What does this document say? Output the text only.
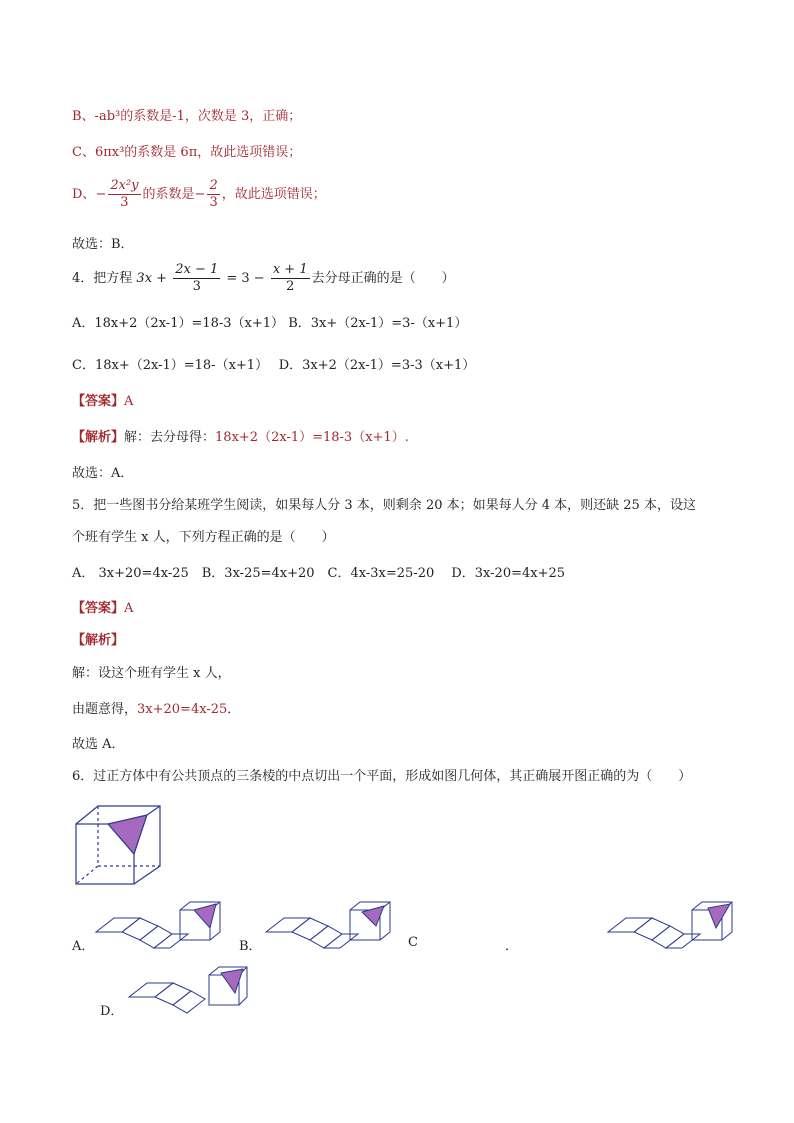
B、-ab³的系数是-1，次数是 3，正确；
C、6πx³的系数是 6π，故此选项错误；
D、− $\frac{\text{2x²y}}{3}$ 的系数是− $\frac{2}{3}$ ，故此选项错误；
故选：B．
4．把方程 $3x + \frac{2x - 1}{3} = 3 - \frac{x + 1}{2}$ 去分母正确的是（　　）
A．18x+2（2x-1）=18-3（x+1） B．3x+（2x-1）=3-（x+1）
C．18x+（2x-1）=18-（x+1）　 D．3x+2（2x-1）=3-3（x+1）
【答案】A
【解析】解：去分母得：18x+2（2x-1）=18-3（x+1）.
故选：A．
5．把一些图书分给某班学生阅读，如果每人分 3 本，则剩余 20 本；如果每人分 4 本，则还缺 25 本，设这
个班有学生 x 人，下列方程正确的是（　　）
A． 3x+20=4x-25　B．3x-25=4x+20　C．4x-3x=25-20　 D．3x-20=4x+25
【答案】A
【解析】
解：设这个班有学生 x 人，
由题意得，3x+20=4x-25．
故选 A．
6．过正方体中有公共顶点的三条棱的中点切出一个平面，形成如图几何体，其正确展开图正确的为（　　）
A．	B．	C	．
D．
